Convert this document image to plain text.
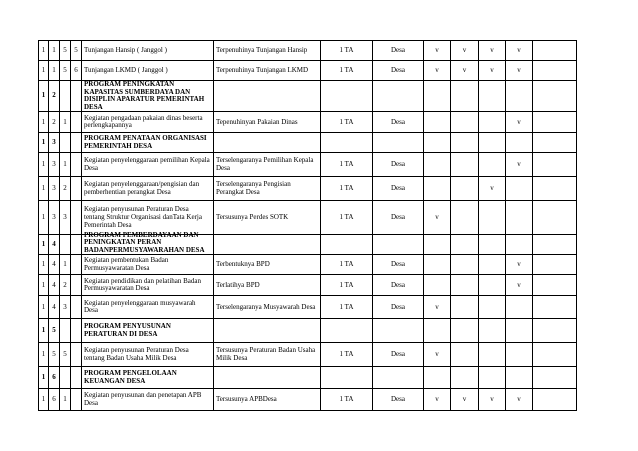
1	1	5	5	Tunjangan Hansip ( Janggol )	Terpenuhinya Tunjangan Hansip	1 TA	Desa	v	v	v	v	
1	1	5	6	Tunjangan LKMD ( Janggol )	Terpenuhinya Tunjangan LKMD	1 TA	Desa	v	v	v	v	
1	2			PROGRAM PENINGKATAN KAPASITAS SUMBERDAYA DAN DISIPLIN APARATUR PEMERINTAH DESA								

1	2	1		Kegiatan pengadaan pakaian dinas beserta perlengkapannya	Tepenuhinyan Pakaian Dinas	1 TA	Desa				v	
1	3			PROGRAM PENATAAN ORGANISASI PEMERINTAH DESA								

1	3	1		Kegiatan penyelenggaraan pemilihan Kepala Desa	Terselengaranya Pemilihan Kepala Desa	1 TA	Desa				v	
1	3	2		Kegiatan penyelenggaraan/pengisian dan pemberhentian perangkat Desa	Terselengaranya Pengisian Perangkat Desa	1 TA	Desa			v		
1	3	3		Kegiatan penyusunan Peraturan Desa tentang Struktur Organisasi danTata Kerja Pemerintah Desa	Tersusunya Perdes SOTK	1 TA	Desa	v				
1	4			PROGRAM PEMBERDAYAAN DAN PENINGKATAN PERAN BADANPERMUSYAWARAHAN DESA								

1	4	1		Kegiatan pembentukan Badan Permusyawaratan Desa	Terbentuknya BPD	1 TA	Desa				v	
1	4	2		Kegiatan pendidikan dan pelatihan Badan Permusyawaratan Desa	Terlatihya BPD	1 TA	Desa				v	
1	4	3		Kegiatan penyelenggaraan musyawarah Desa	Terselengaranya Musyawarah Desa	1 TA	Desa	v				
1	5			PROGRAM PENYUSUNAN PERATURAN DI DESA								

1	5	5		Kegiatan penyusunan Peraturan Desa tentang Badan Usaha Milik Desa	Tersusunya Peraturan Badan Usaha Milik Desa	1 TA	Desa	v				
1	6			PROGRAM PENGELOLAAN KEUANGAN DESA								

1	6	1		Kegiatan penyusunan dan penetapan APB Desa	Tersusunya APBDesa	1 TA	Desa	v	v	v	v	
